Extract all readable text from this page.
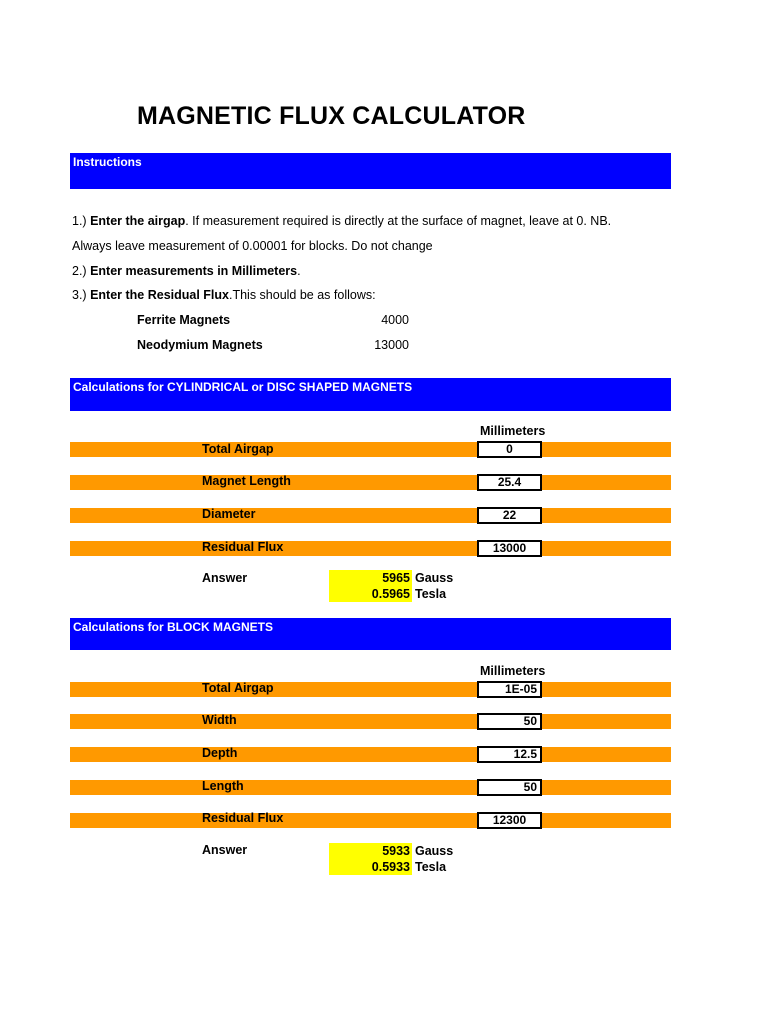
MAGNETIC FLUX CALCULATOR
Instructions
1.) Enter the airgap. If measurement required is directly at the surface of magnet, leave at 0. NB.
Always leave measurement of 0.00001 for blocks. Do not change
2.) Enter measurements in Millimeters.
3.) Enter the Residual Flux.This should be as follows:
Ferrite Magnets	4000
Neodymium Magnets	13000
Calculations for CYLINDRICAL or DISC SHAPED MAGNETS
Millimeters
Total Airgap	0
Magnet Length	25.4
Diameter	22
Residual Flux	13000
Answer	5965 Gauss
0.5965 Tesla
Calculations for BLOCK MAGNETS
Millimeters
Total Airgap	1E-05
Width	50
Depth	12.5
Length	50
Residual Flux	12300
Answer	5933 Gauss
0.5933 Tesla
